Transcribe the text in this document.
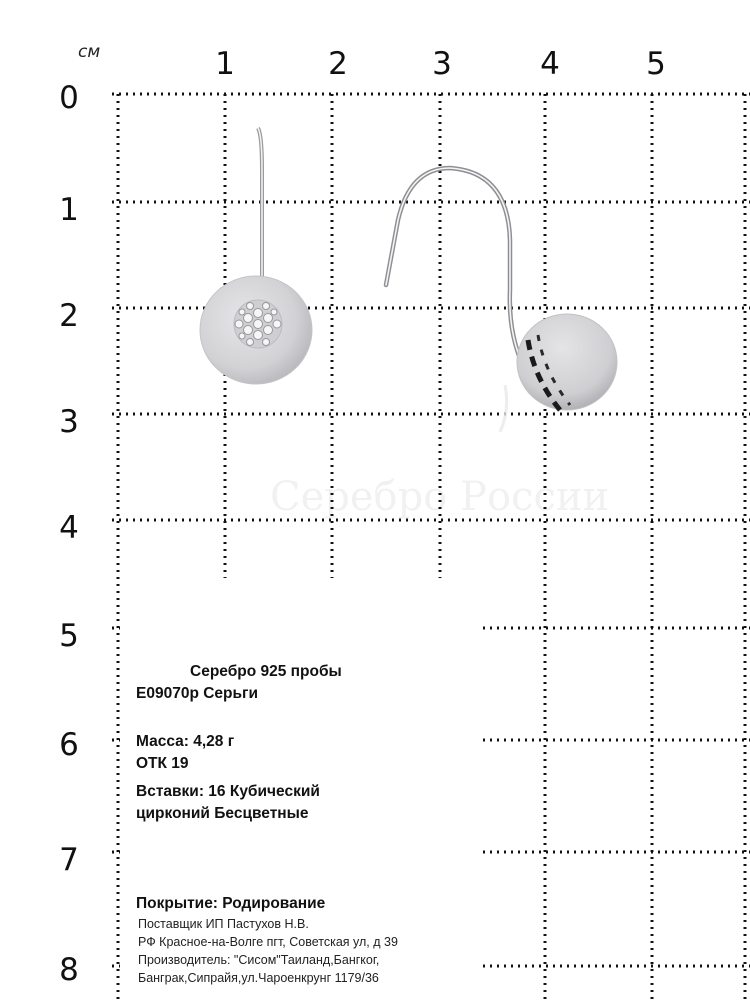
см	1	2	3	4	5
0
1
2
3
4
5
6
7
8
Серебро России
Серебро 925 пробы
E09070р Серьги
Масса: 4,28 г
ОТК 19
Вставки: 16 Кубический
цирконий Бесцветные
Покрытие: Родирование
Поставщик ИП Пастухов Н.В.
РФ Красное-на-Волге пгт, Советская ул, д 39
Производитель: "Сисом"Таиланд,Бангког,
Банграк,Сипрайя,ул.Чароенкрунг 1179/36
